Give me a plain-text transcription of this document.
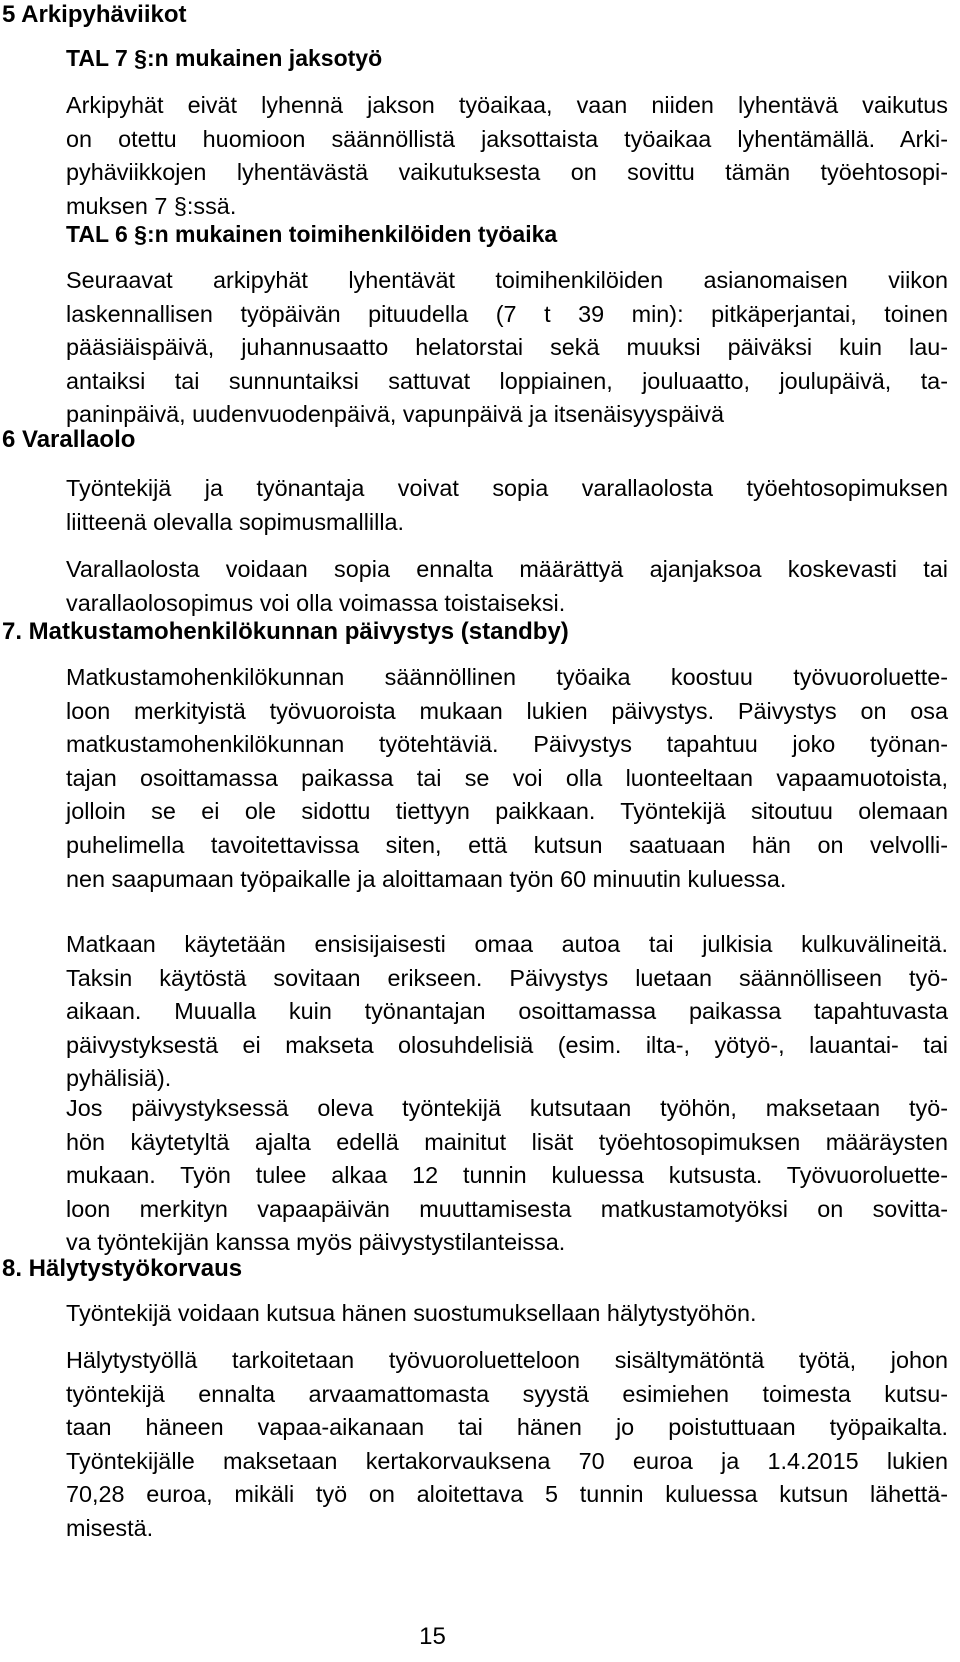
5 Arkipyhäviikot
TAL 7 §:n mukainen jaksotyö
Arkipyhät eivät lyhennä jakson työaikaa, vaan niiden lyhentävä vaikutus
on otettu huomioon säännöllistä jaksottaista työaikaa lyhentämällä. Arki-
pyhäviikkojen lyhentävästä vaikutuksesta on sovittu tämän työehtosopi-
muksen 7 §:ssä.
TAL 6 §:n mukainen toimihenkilöiden työaika
Seuraavat arkipyhät lyhentävät toimihenkilöiden asianomaisen viikon
laskennallisen työpäivän pituudella (7 t 39 min): pitkäperjantai, toinen
pääsiäispäivä, juhannusaatto helatorstai sekä muuksi päiväksi kuin lau-
antaiksi tai sunnuntaiksi sattuvat loppiainen, jouluaatto, joulupäivä, ta-
paninpäivä, uudenvuodenpäivä, vapunpäivä ja itsenäisyyspäivä
6 Varallaolo
Työntekijä ja työnantaja voivat sopia varallaolosta työehtosopimuksen
liitteenä olevalla sopimusmallilla.
Varallaolosta voidaan sopia ennalta määrättyä ajanjaksoa koskevasti tai
varallaolosopimus voi olla voimassa toistaiseksi.
7. Matkustamohenkilökunnan päivystys (standby)
Matkustamohenkilökunnan säännöllinen työaika koostuu työvuoroluette-
loon merkityistä työvuoroista mukaan lukien päivystys. Päivystys on osa
matkustamohenkilökunnan työtehtäviä. Päivystys tapahtuu joko työnan-
tajan osoittamassa paikassa tai se voi olla luonteeltaan vapaamuotoista,
jolloin se ei ole sidottu tiettyyn paikkaan. Työntekijä sitoutuu olemaan
puhelimella tavoitettavissa siten, että kutsun saatuaan hän on velvolli-
nen saapumaan työpaikalle ja aloittamaan työn 60 minuutin kuluessa.
Matkaan käytetään ensisijaisesti omaa autoa tai julkisia kulkuvälineitä.
Taksin käytöstä sovitaan erikseen. Päivystys luetaan säännölliseen työ-
aikaan. Muualla kuin työnantajan osoittamassa paikassa tapahtuvasta
päivystyksestä ei makseta olosuhdelisiä (esim. ilta-, yötyö-, lauantai- tai
pyhälisiä).
Jos päivystyksessä oleva työntekijä kutsutaan työhön, maksetaan työ-
hön käytetyltä ajalta edellä mainitut lisät työehtosopimuksen määräysten
mukaan. Työn tulee alkaa 12 tunnin kuluessa kutsusta. Työvuoroluette-
loon merkityn vapaapäivän muuttamisesta matkustamotyöksi on sovitta-
va työntekijän kanssa myös päivystystilanteissa.
8. Hälytystyökorvaus
Työntekijä voidaan kutsua hänen suostumuksellaan hälytystyöhön.
Hälytystyöllä tarkoitetaan työvuoroluetteloon sisältymätöntä työtä, johon
työntekijä ennalta arvaamattomasta syystä esimiehen toimesta kutsu-
taan häneen vapaa-aikanaan tai hänen jo poistuttuaan työpaikalta.
Työntekijälle maksetaan kertakorvauksena 70 euroa ja 1.4.2015 lukien
70,28 euroa, mikäli työ on aloitettava 5 tunnin kuluessa kutsun lähettä-
misestä.
15
